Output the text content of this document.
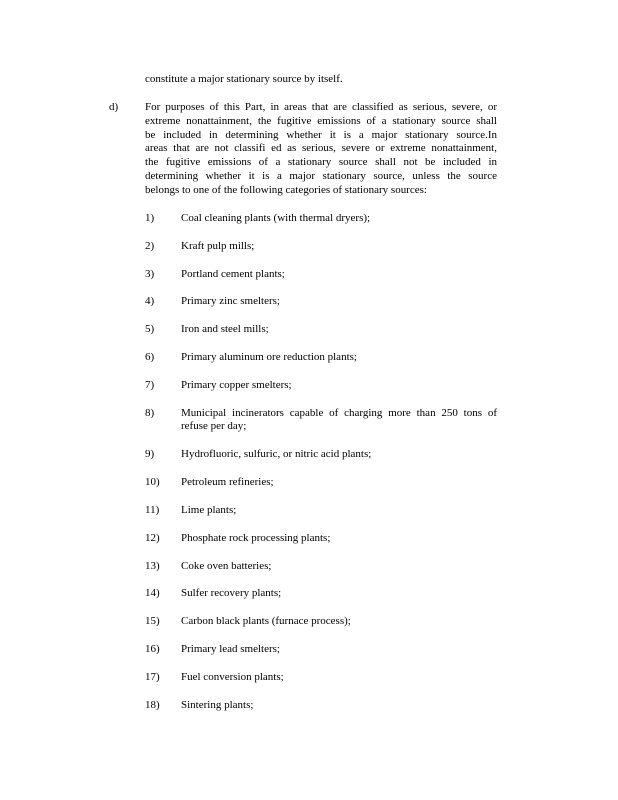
constitute a major stationary source by itself.
d) For purposes of this Part, in areas that are classified as serious, severe, or
extreme nonattainment, the fugitive emissions of a stationary source shall
be included in determining whether it is a major stationary source.In
areas that are not classifi ed as serious, severe or extreme nonattainment,
the fugitive emissions of a stationary source shall not be included in
determining whether it is a major stationary source, unless the source
belongs to one of the following categories of stationary sources:
1) Coal cleaning plants (with thermal dryers);
2) Kraft pulp mills;
3) Portland cement plants;
4) Primary zinc smelters;
5) Iron and steel mills;
6) Primary aluminum ore reduction plants;
7) Primary copper smelters;
8) Municipal incinerators capable of charging more than 250 tons of
refuse per day;
9) Hydrofluoric, sulfuric, or nitric acid plants;
10) Petroleum refineries;
11) Lime plants;
12) Phosphate rock processing plants;
13) Coke oven batteries;
14) Sulfer recovery plants;
15) Carbon black plants (furnace process);
16) Primary lead smelters;
17) Fuel conversion plants;
18) Sintering plants;
